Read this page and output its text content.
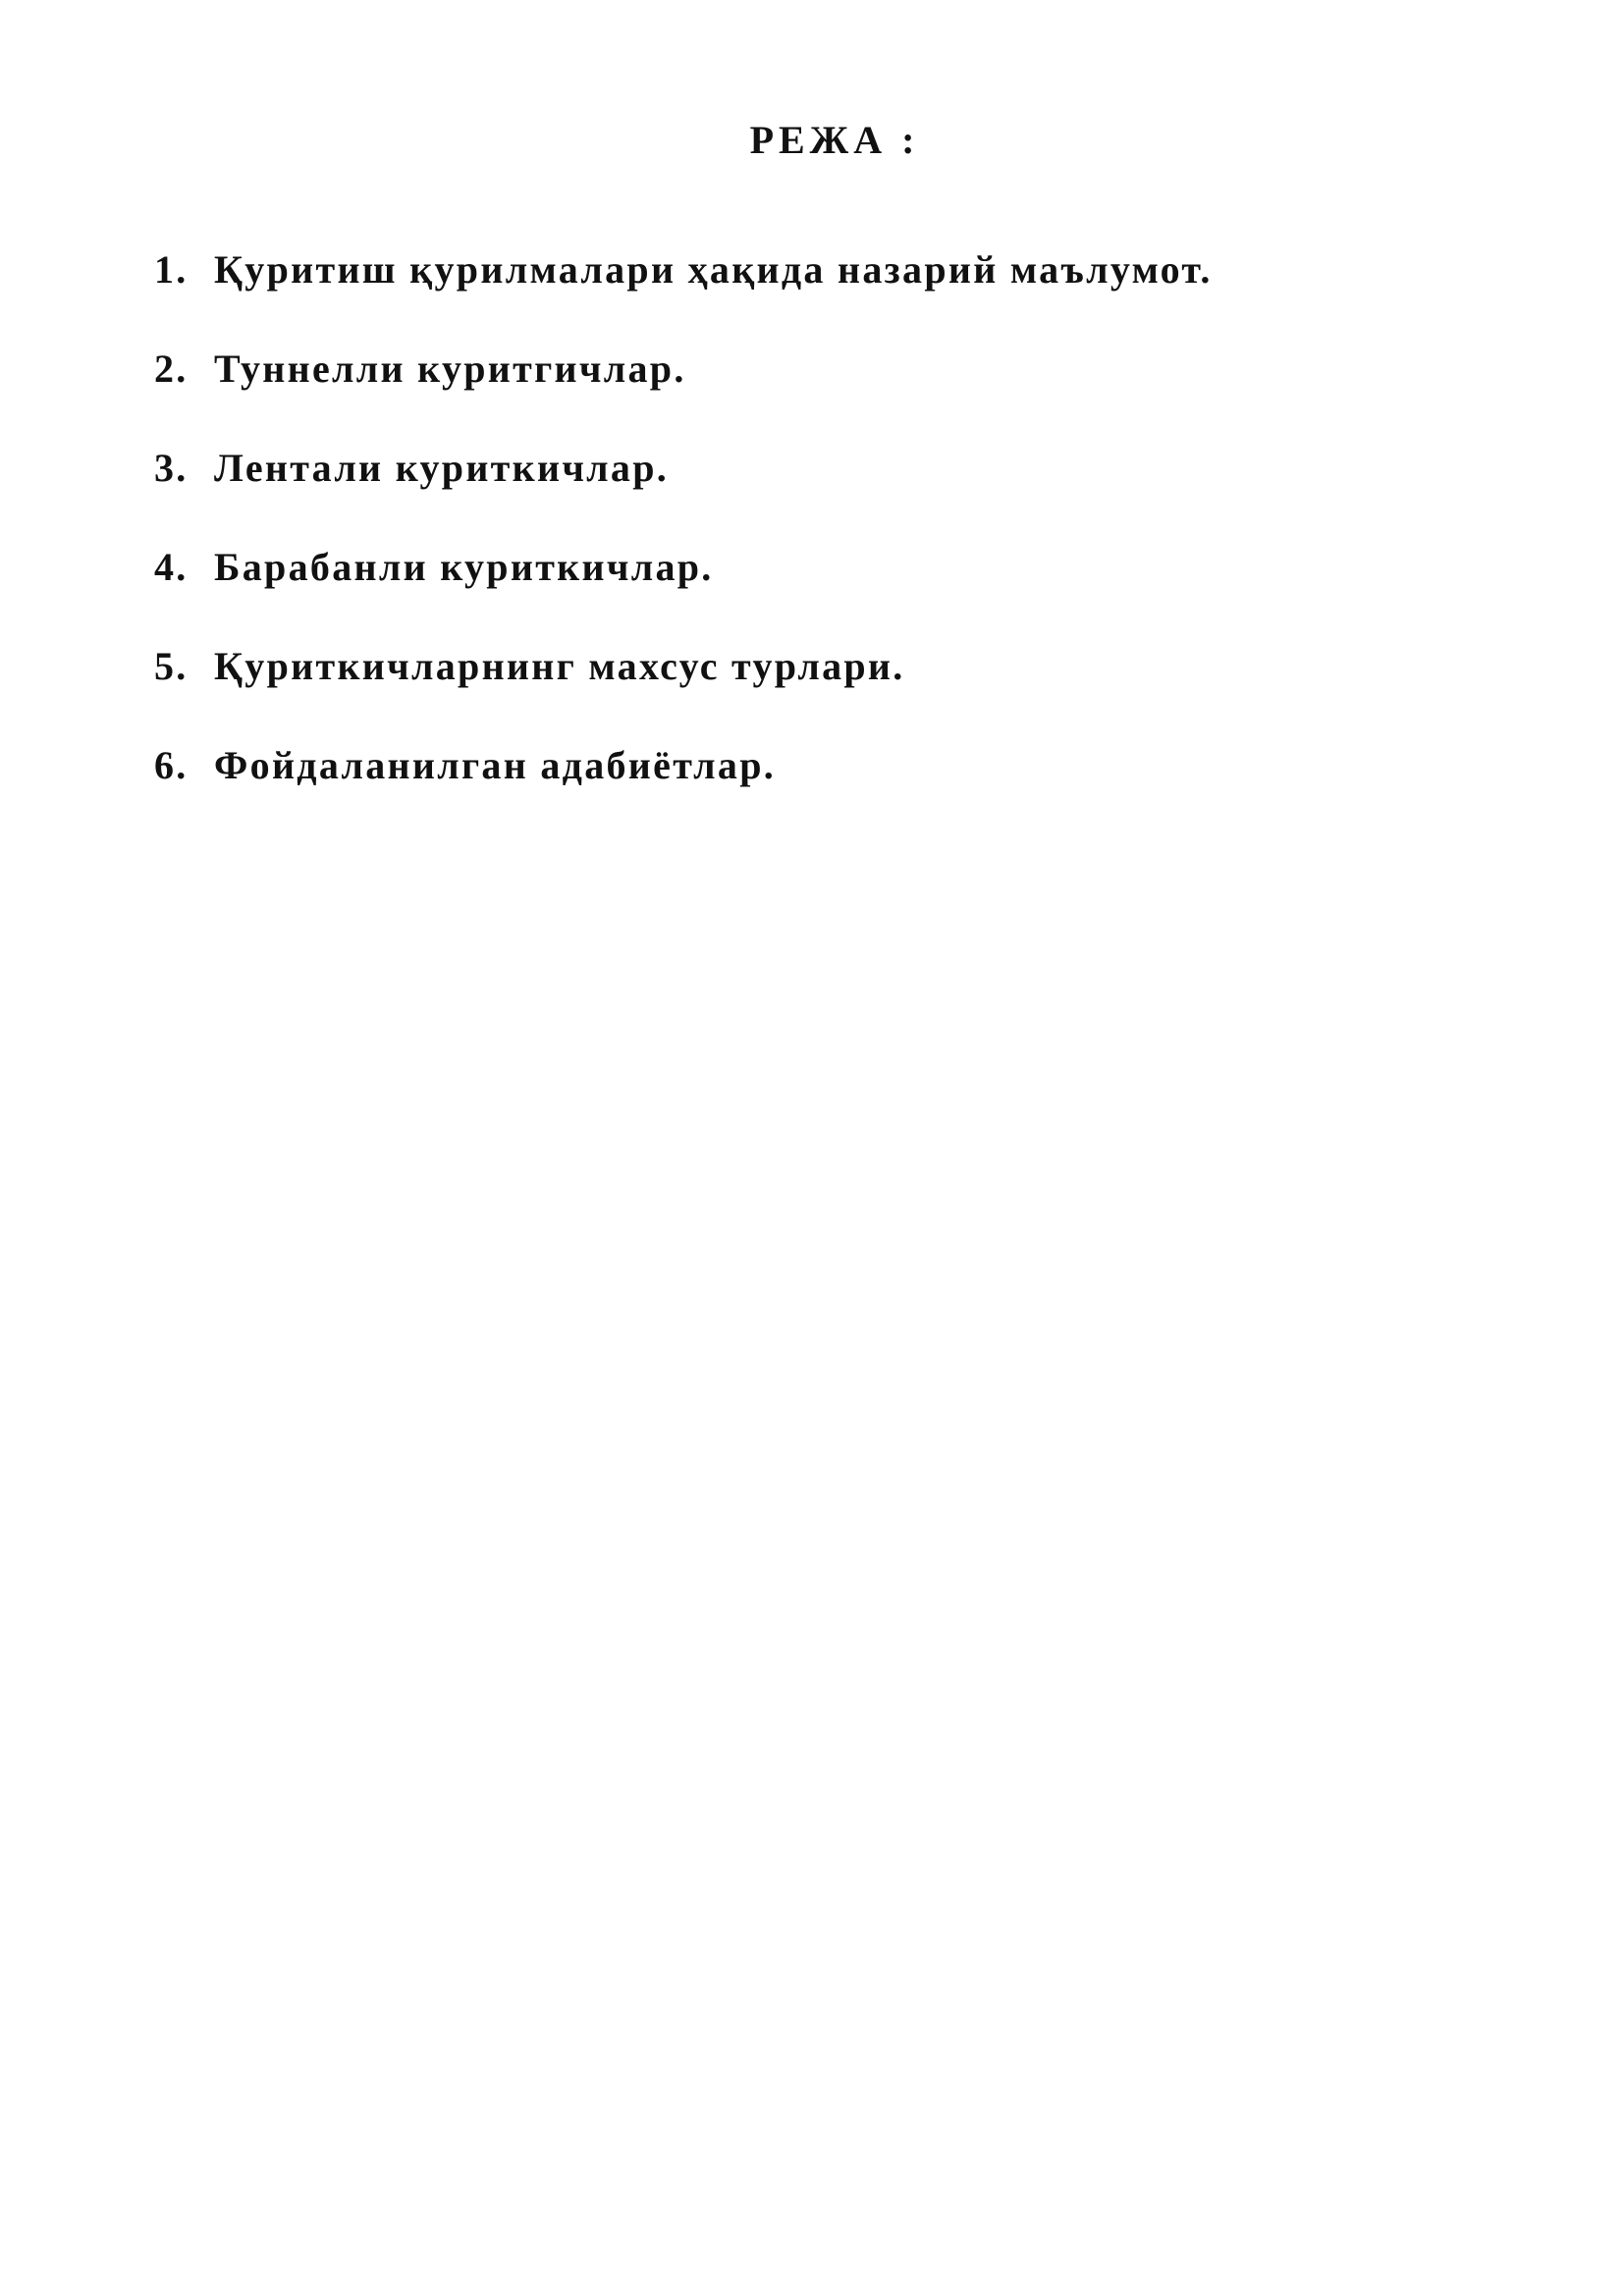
РЕЖА :
1. Қуритиш қурилмалари ҳақида назарий маълумот.
2. Туннелли куритгичлар.
3. Лентали куриткичлар.
4. Барабанли куриткичлар.
5. Қуриткичларнинг махсус турлари.
6. Фойдаланилган адабиётлар.
